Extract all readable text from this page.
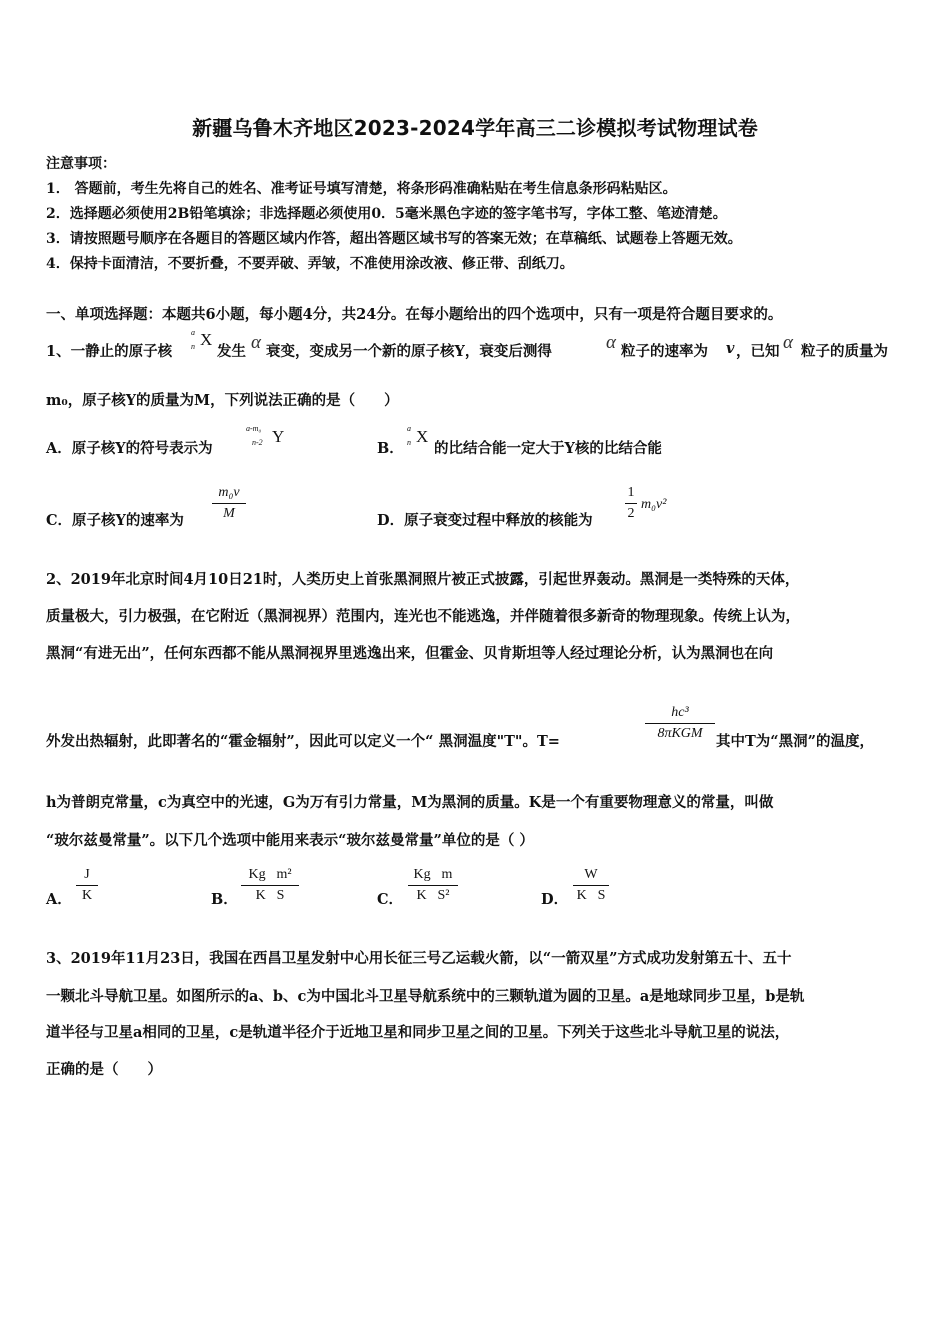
新疆乌鲁木齐地区2023-2024学年高三二诊模拟考试物理试卷
注意事项：
1． 答题前，考生先将自己的姓名、准考证号填写清楚，将条形码准确粘贴在考生信息条形码粘贴区。
2．选择题必须使用2B铅笔填涂；非选择题必须使用0．5毫米黑色字迹的签字笔书写，字体工整、笔迹清楚。
3．请按照题号顺序在各题目的答题区域内作答，超出答题区域书写的答案无效；在草稿纸、试题卷上答题无效。
4．保持卡面清洁，不要折叠，不要弄破、弄皱，不准使用涂改液、修正带、刮纸刀。
一、单项选择题：本题共6小题，每小题4分，共24分。在每小题给出的四个选项中，只有一项是符合题目要求的。
1、一静止的原子核
a
n X
发生 α 衰变，变成另一个新的原子核Y，衰变后测得	α 粒子的速率为 v ，已知 α 粒子的质量为
m₀，原子核Y的质量为M，下列说法正确的是（　　）
A．原子核Y的符号表示为
a-m₀
n-2 Y
B．
a
n X
的比结合能一定大于Y核的比结合能
C．原子核Y的速率为
m₀v
M	D．原子衰变过程中释放的核能为
1
2
m₀v²
2、2019年北京时间4月10日21时，人类历史上首张黑洞照片被正式披露，引起世界轰动。黑洞是一类特殊的天体，
质量极大，引力极强，在它附近（黑洞视界）范围内，连光也不能逃逸，并伴随着很多新奇的物理现象。传统上认为，
黑洞“有进无出”，任何东西都不能从黑洞视界里逃逸出来，但霍金、贝肯斯坦等人经过理论分析，认为黑洞也在向
外发出热辐射，此即著名的“霍金辐射”，因此可以定义一个“ 黑洞温度"T"。T=
hc³
8πKGM 其中T为“黑洞”的温度，
h为普朗克常量，c为真空中的光速，G为万有引力常量，M为黑洞的质量。K是一个有重要物理意义的常量，叫做
“玻尔兹曼常量”。以下几个选项中能用来表示“玻尔兹曼常量”单位的是（ ）
A．
J
K	B．
Kg⃞m²
K⃞S	C．
Kg⃞m
K⃞S²	D．
W
K⃞S
3、2019年11月23日，我国在西昌卫星发射中心用长征三号乙运载火箭，以“一箭双星”方式成功发射第五十、五十
一颗北斗导航卫星。如图所示的a、b、c为中国北斗卫星导航系统中的三颗轨道为圆的卫星。a是地球同步卫星，b是轨
道半径与卫星a相同的卫星，c是轨道半径介于近地卫星和同步卫星之间的卫星。下列关于这些北斗导航卫星的说法，
正确的是（　　）
